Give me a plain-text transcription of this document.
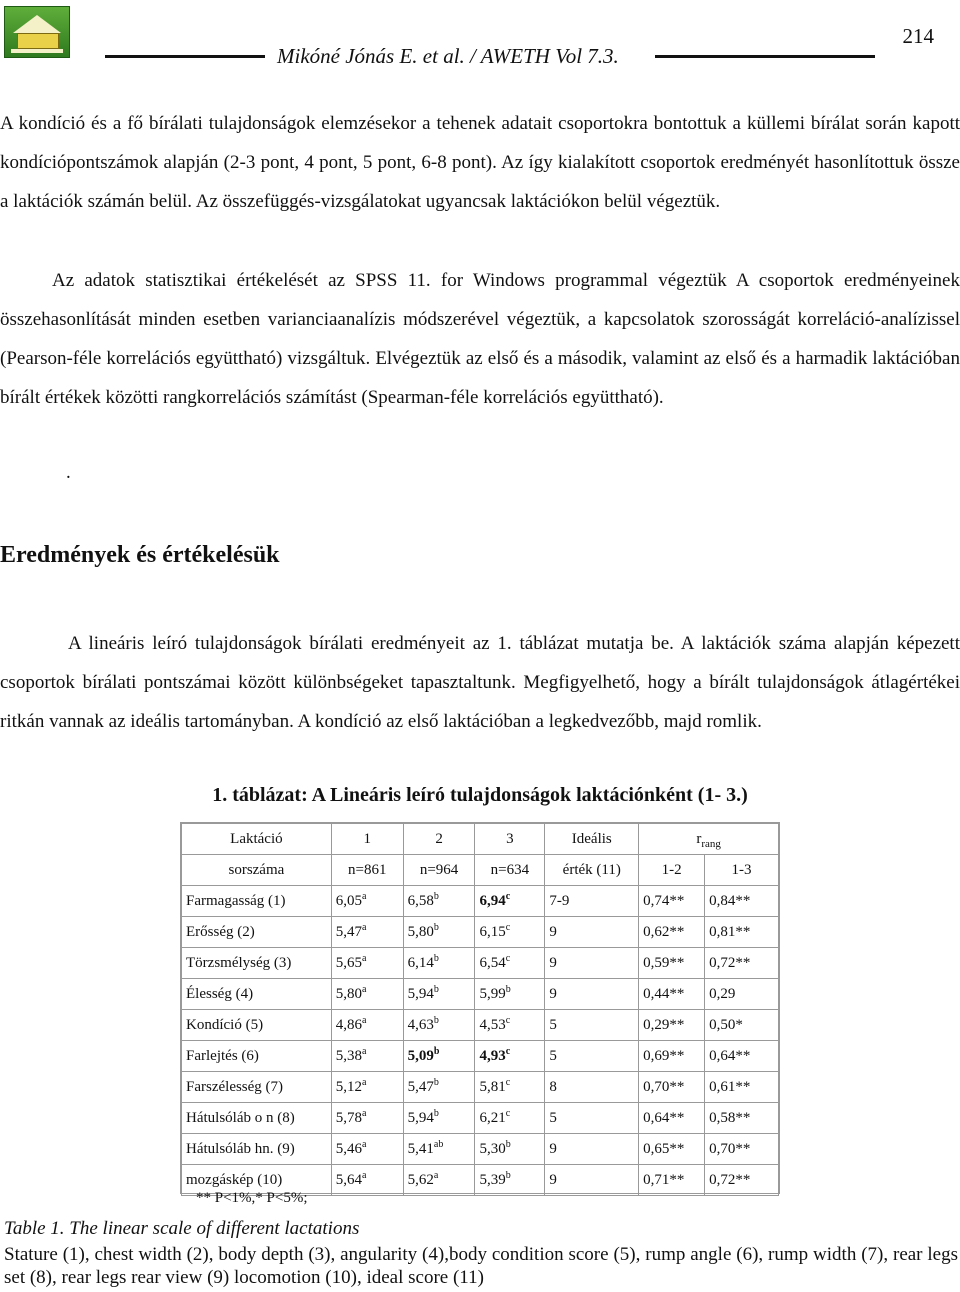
214
Mikóné Jónás E. et al. / AWETH Vol 7.3.
A kondíció és a fő bírálati tulajdonságok elemzésekor a tehenek adatait csoportokra bontottuk a küllemi bírálat során kapott kondíciópontszámok alapján (2-3 pont, 4 pont, 5 pont, 6-8 pont). Az így kialakított csoportok eredményét hasonlítottuk össze a laktációk számán belül. Az összefüggés-vizsgálatokat ugyancsak laktációkon belül végeztük.
Az adatok statisztikai értékelését az SPSS 11. for Windows programmal végeztük A csoportok eredményeinek összehasonlítását minden esetben varianciaanalízis módszerével végeztük, a kapcsolatok szorosságát korreláció-analízissel (Pearson-féle korrelációs együttható) vizsgáltuk. Elvégeztük az első és a második, valamint az első és a harmadik laktációban bírált értékek közötti rangkorrelációs számítást (Spearman-féle korrelációs együttható).
.
Eredmények és értékelésük
A lineáris leíró tulajdonságok bírálati eredményeit az 1. táblázat mutatja be. A laktációk száma alapján képezett csoportok bírálati pontszámai között különbségeket tapasztaltunk. Megfigyelhető, hogy a bírált tulajdonságok átlagértékei ritkán vannak az ideális tartományban. A kondíció az első laktációban a legkedvezőbb, majd romlik.
1. táblázat: A Lineáris leíró tulajdonságok laktációnként (1- 3.)
Laktáció	1	2	3	Ideális	$r_{rang}$
sorszáma	n=861	n=964	n=634	érték (11)	1-2	1-3
Farmagasság (1)	6,05$^a$	6,58$^b$	6,94$^c$	7-9	0,74**	0,84**
Erősség (2)	5,47$^a$	5,80$^b$	6,15$^c$	9	0,62**	0,81**
Törzsmélység (3)	5,65$^a$	6,14$^b$	6,54$^c$	9	0,59**	0,72**
Élesség (4)	5,80$^a$	5,94$^b$	5,99$^b$	9	0,44**	0,29
Kondíció (5)	4,86$^a$	4,63$^b$	4,53$^c$	5	0,29**	0,50*
Farlejtés (6)	5,38$^a$	5,09$^b$	4,93$^c$	5	0,69**	0,64**
Farszélesség (7)	5,12$^a$	5,47$^b$	5,81$^c$	8	0,70**	0,61**
Hátulsóláb o n (8)	5,78$^a$	5,94$^b$	6,21$^c$	5	0,64**	0,58**
Hátulsóláb hn. (9)	5,46$^a$	5,41$^{ab}$	5,30$^b$	9	0,65**	0,70**
mozgáskép (10)	5,64$^a$	5,62$^a$	5,39$^b$	9	0,71**	0,72**
** P<1%,* P<5%;
Table 1. The linear scale of different lactations
Stature (1), chest width (2), body depth (3), angularity (4),body condition score (5), rump angle (6), rump width (7), rear legs set (8), rear legs rear view (9) locomotion (10), ideal score (11)
